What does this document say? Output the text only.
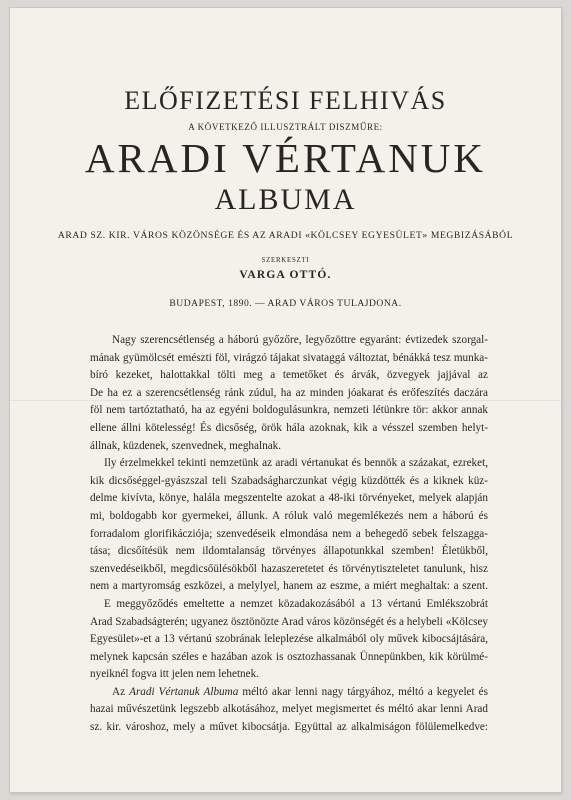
ELŐFIZETÉSI FELHIVÁS
A KÖVETKEZŐ ILLUSZTRÁLT DISZMŰRE:
ARADI VÉRTANUK
ALBUMA
ARAD SZ. KIR. VÁROS KÖZÖNSÉGE ÉS AZ ARADI «KÖLCSEY EGYESÜLET» MEGBIZÁSÁBÓL
SZERKESZTI
VARGA OTTÓ.
BUDAPEST, 1890. — ARAD VÁROS TULAJDONA.
Nagy szerencsétlenség a háború győzőre, legyőzöttre egyaránt: évtizedek szorgal-
mának gyümölcsét emészti föl, virágzó tájakat sivataggá változtat, bénákká tesz munka-
bíró kezeket, halottakkal tölti meg a temetőket és árvák, özvegyek jajjával az
De ha ez a szerencsétlenség ránk zúdul, ha az minden jóakarat és erőfeszítés daczára
föl nem tartóztatható, ha az egyéni boldogulásunkra, nemzeti létünkre tör: akkor annak
ellene állni kötelesség! És dicsőség, örök hála azoknak, kik a vésszel szemben helyt-
állnak, küzdenek, szenvednek, meghalnak.
Ily érzelmekkel tekinti nemzetünk az aradi vértanukat és bennök a százakat, ezreket,
kik dicsőséggel-gyászszal teli Szabadságharczunkat végig küzdötték és a kiknek küz-
delme kivívta, könye, halála megszentelte azokat a 48-iki törvényeket, melyek alapján
mi, boldogabb kor gyermekei, állunk. A róluk való megemlékezés nem a háború és
forradalom glorifikácziója; szenvedéseik elmondása nem a behegedő sebek felszagga-
tása; dicsőítésük nem ildomtalanság törvényes állapotunkkal szemben! Életükből,
szenvedéseikből, megdicsőülésökből hazaszeretetet és törvénytiszteletet tanulunk, hisz
nem a martyromság eszközei, a melylyel, hanem az eszme, a miért meghaltak: a szent.
E meggyőződés emeltette a nemzet közadakozásából a 13 vértanú Emlékszobrát
Arad Szabadságterén; ugyanez ösztönözte Arad város közönségét és a helybeli «Kölcsey
Egyesület»-et a 13 vértanú szobrának leleplezése alkalmából oly művek kibocsájtására,
melynek kapcsán széles e hazában azok is osztozhassanak Ünnepünkben, kik körülmé-
nyeiknél fogva itt jelen nem lehetnek.
Az Aradi Vértanuk Albuma méltó akar lenni nagy tárgyához, méltó a kegyelet és
hazai művészetünk legszebb alkotásához, melyet megismertet és méltó akar lenni Arad
sz. kir. városhoz, mely a művet kibocsátja. Együttal az alkalmiságon fölülemelkedve:
